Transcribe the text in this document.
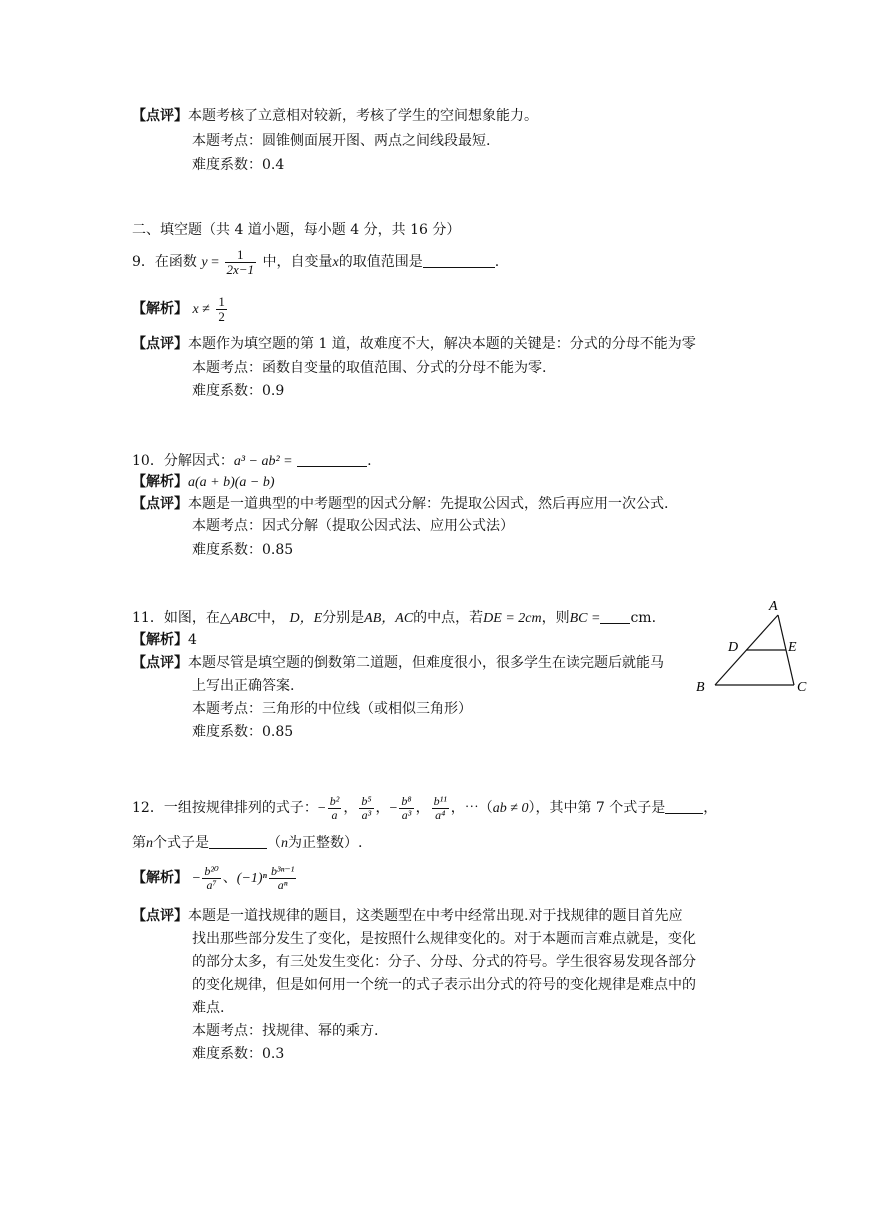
【点评】本题考核了立意相对较新，考核了学生的空间想象能力。
本题考点：圆锥侧面展开图、两点之间线段最短.
难度系数：0.4
二、填空题（共 4 道小题，每小题 4 分，共 16 分）
9．在函数 $y = \frac{1}{2x-1}$ 中，自变量x的取值范围是	.
【解析】 $x \ne \frac{1}{2}$
【点评】本题作为填空题的第 1 道，故难度不大，解决本题的关键是：分式的分母不能为零
本题考点：函数自变量的取值范围、分式的分母不能为零.
难度系数：0.9
10．分解因式：a³ − ab² =	.
【解析】a(a + b)(a − b)
【点评】本题是一道典型的中考题型的因式分解：先提取公因式，然后再应用一次公式.
本题考点：因式分解（提取公因式法、应用公式法）
难度系数：0.85
11．如图，在△ABC中， D，E分别是AB，AC的中点，若DE = 2cm，则BC = cm.
【解析】4
【点评】本题尽管是填空题的倒数第二道题，但难度很小，很多学生在读完题后就能马
上写出正确答案.
本题考点：三角形的中位线（或相似三角形）
难度系数：0.85
A
D	E
B	C
12．一组按规律排列的式子：− $\frac{\text{b²}}{a}$ ， $\frac{\text{b⁵}}{\text{a³}}$ ，− $\frac{\text{b⁸}}{\text{a³}}$ ， $\frac{\text{b¹¹}}{\text{a⁴}}$ ，⋯（ab ≠ 0），其中第 7 个式子是	，
第n个式子是	（n为正整数）.
【解析】 − $\frac{\text{b²⁰}}{\text{a⁷}}$ 、$(-1)^n \frac{\text{b³ⁿ⁻¹}}{\text{aⁿ}}$
【点评】本题是一道找规律的题目，这类题型在中考中经常出现.对于找规律的题目首先应
找出那些部分发生了变化，是按照什么规律变化的。对于本题而言难点就是，变化
的部分太多，有三处发生变化：分子、分母、分式的符号。学生很容易发现各部分
的变化规律，但是如何用一个统一的式子表示出分式的符号的变化规律是难点中的
难点.
本题考点：找规律、幂的乘方.
难度系数：0.3
